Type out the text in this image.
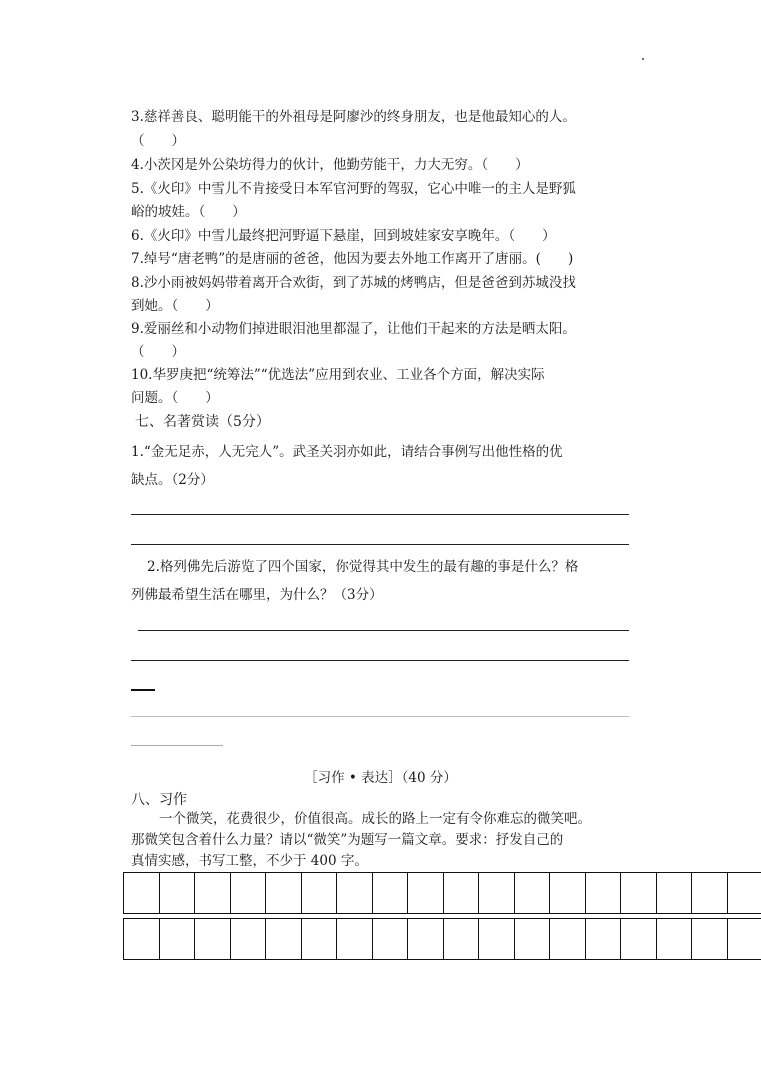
3.慈祥善良、聪明能干的外祖母是阿廖沙的终身朋友，也是他最知心的人。
（　　）
4.小茨冈是外公染坊得力的伙计，他勤劳能干，力大无穷。（　　）
5.《火印》中雪儿不肯接受日本军官河野的驾驭，它心中唯一的主人是野狐
峪的坡娃。（　　）
6.《火印》中雪儿最终把河野逼下悬崖，回到坡娃家安享晚年。（　　）
7.绰号“唐老鸭”的是唐丽的爸爸，他因为要去外地工作离开了唐丽。(　　)
8.沙小雨被妈妈带着离开合欢街，到了苏城的烤鸭店，但是爸爸到苏城没找
到她。（　　）
9.爱丽丝和小动物们掉进眼泪池里都湿了，让他们干起来的方法是晒太阳。
（　　）
10.华罗庚把“统筹法”“优选法”应用到农业、工业各个方面，解决实际
问题。（　　）
七、名著赏读（5分）
1.“金无足赤，人无完人”。武圣关羽亦如此，请结合事例写出他性格的优
缺点。（2分）
2.格列佛先后游览了四个国家，你觉得其中发生的最有趣的事是什么？格
列佛最希望生活在哪里，为什么？（3分）
［习作 • 表达］（40 分）
八、习作
一个微笑，花费很少，价值很高。成长的路上一定有令你难忘的微笑吧。
那微笑包含着什么力量？请以“微笑”为题写一篇文章。要求：抒发自己的
真情实感，书写工整，不少于 400 字。
